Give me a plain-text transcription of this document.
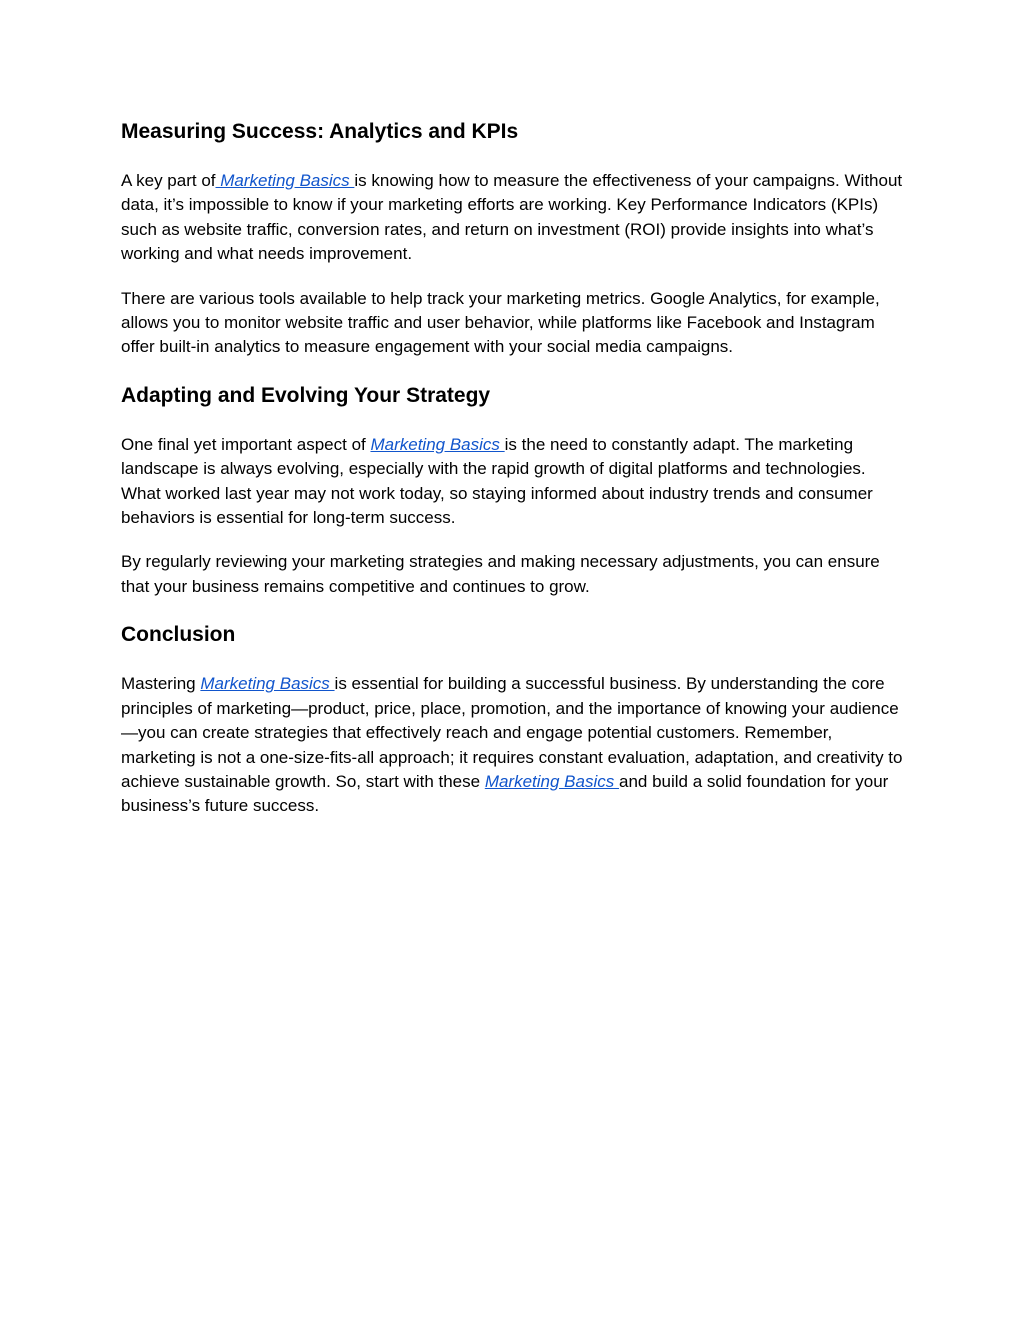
Measuring Success: Analytics and KPIs

A key part of Marketing Basics is knowing how to measure the effectiveness of your campaigns. Without data, it’s impossible to know if your marketing efforts are working. Key Performance Indicators (KPIs) such as website traffic, conversion rates, and return on investment (ROI) provide insights into what’s working and what needs improvement.

There are various tools available to help track your marketing metrics. Google Analytics, for example, allows you to monitor website traffic and user behavior, while platforms like Facebook and Instagram offer built-in analytics to measure engagement with your social media campaigns.

Adapting and Evolving Your Strategy

One final yet important aspect of Marketing Basics is the need to constantly adapt. The marketing landscape is always evolving, especially with the rapid growth of digital platforms and technologies. What worked last year may not work today, so staying informed about industry trends and consumer behaviors is essential for long-term success.

By regularly reviewing your marketing strategies and making necessary adjustments, you can ensure that your business remains competitive and continues to grow.

Conclusion

Mastering Marketing Basics is essential for building a successful business. By understanding the core principles of marketing—product, price, place, promotion, and the importance of knowing your audience—you can create strategies that effectively reach and engage potential customers. Remember, marketing is not a one-size-fits-all approach; it requires constant evaluation, adaptation, and creativity to achieve sustainable growth. So, start with these Marketing Basics and build a solid foundation for your business’s future success.
